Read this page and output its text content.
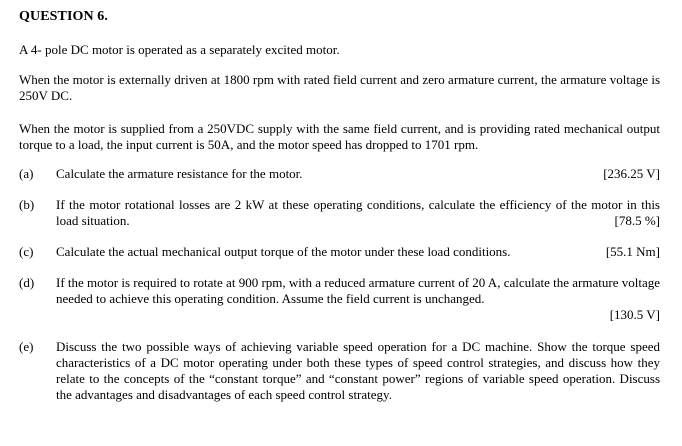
QUESTION 6.
A 4- pole DC motor is operated as a separately excited motor.
When the motor is externally driven at 1800 rpm with rated field current and zero armature current, the armature voltage is 250V DC.
When the motor is supplied from a 250VDC supply with the same field current, and is providing rated mechanical output torque to a load, the input current is 50A, and the motor speed has dropped to 1701 rpm.
(a)	Calculate the armature resistance for the motor.	[236.25 V]
(b)	If the motor rotational losses are 2 kW at these operating conditions, calculate the efficiency of the motor in this load situation.	[78.5 %]
(c)	Calculate the actual mechanical output torque of the motor under these load conditions.	[55.1 Nm]
(d)	If the motor is required to rotate at 900 rpm, with a reduced armature current of 20 A, calculate the armature voltage needed to achieve this operating condition. Assume the field current is unchanged.
[130.5 V]
(e)	Discuss the two possible ways of achieving variable speed operation for a DC machine. Show the torque speed characteristics of a DC motor operating under both these types of speed control strategies, and discuss how they relate to the concepts of the “constant torque” and “constant power” regions of variable speed operation. Discuss the advantages and disadvantages of each speed control strategy.
